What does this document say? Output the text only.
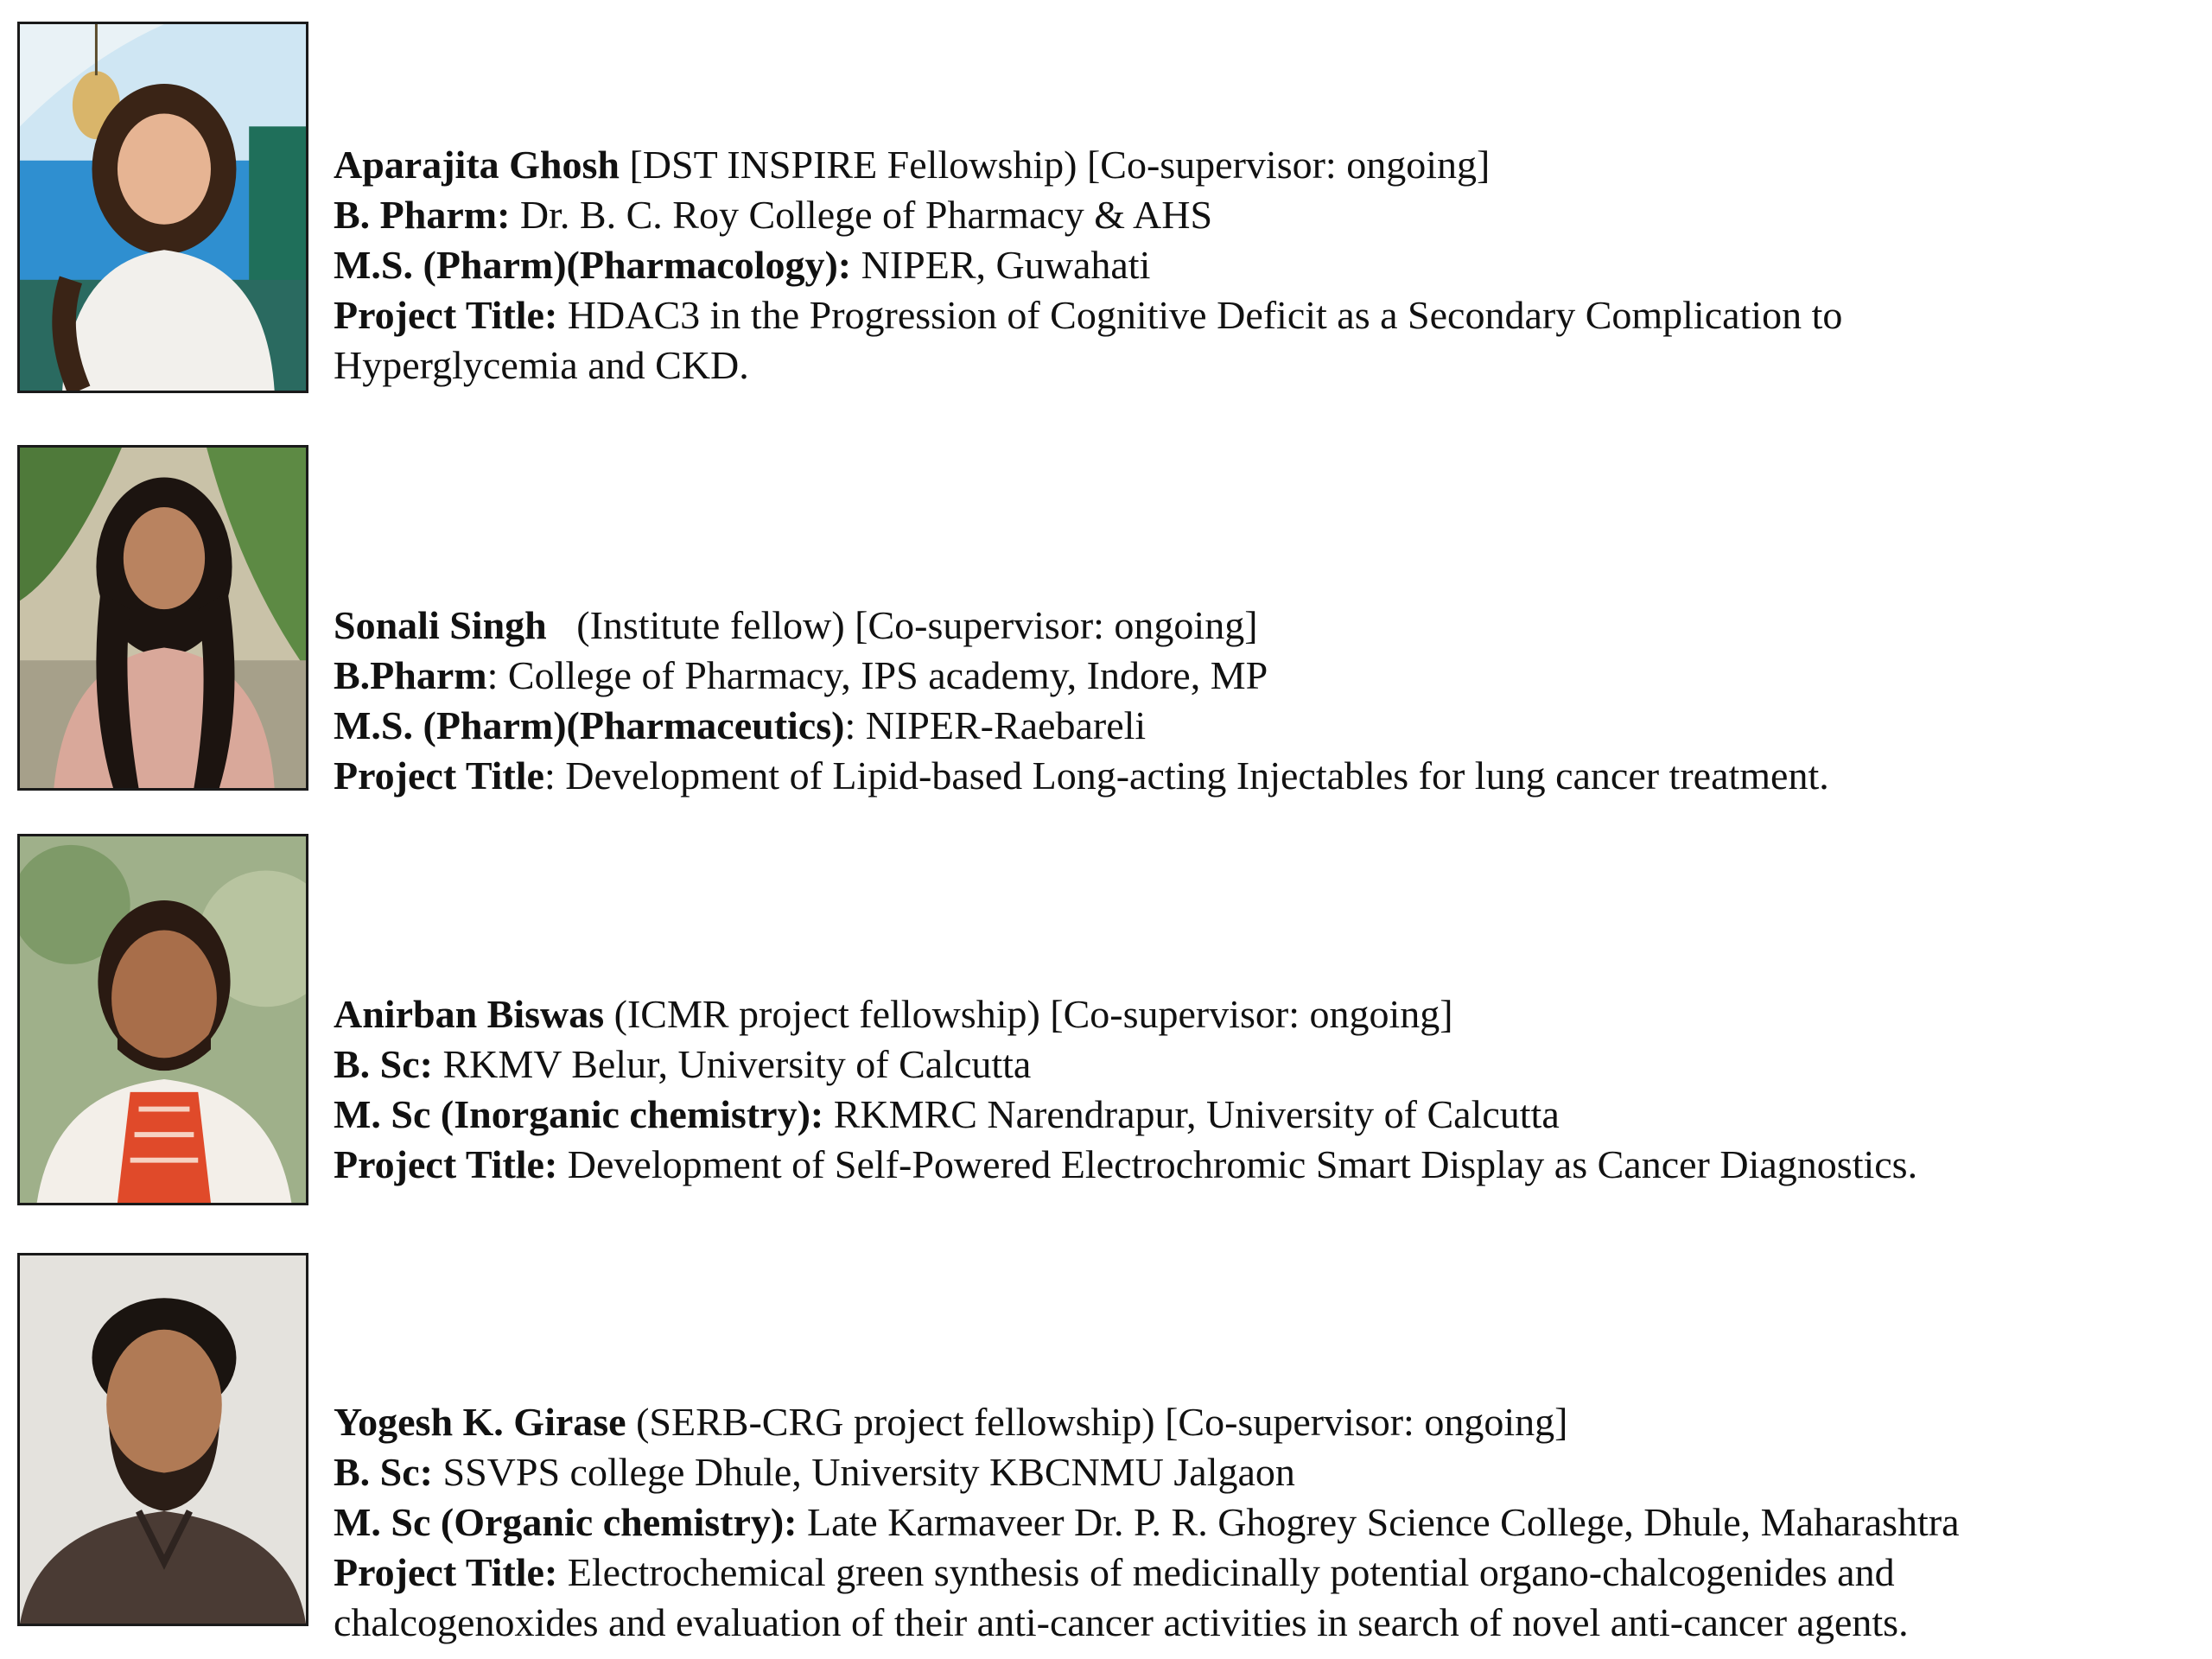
Aparajita Ghosh [DST INSPIRE Fellowship) [Co-supervisor: ongoing]
B. Pharm: Dr. B. C. Roy College of Pharmacy & AHS
M.S. (Pharm)(Pharmacology): NIPER, Guwahati
Project Title: HDAC3 in the Progression of Cognitive Deficit as a Secondary Complication to Hyperglycemia and CKD.
Sonali Singh   (Institute fellow) [Co-supervisor: ongoing]
B.Pharm: College of Pharmacy, IPS academy, Indore, MP
M.S. (Pharm)(Pharmaceutics): NIPER-Raebareli
Project Title: Development of Lipid-based Long-acting Injectables for lung cancer treatment.
Anirban Biswas (ICMR project fellowship) [Co-supervisor: ongoing]
B. Sc: RKMV Belur, University of Calcutta
M. Sc (Inorganic chemistry): RKMRC Narendrapur, University of Calcutta
Project Title: Development of Self-Powered Electrochromic Smart Display as Cancer Diagnostics.
Yogesh K. Girase (SERB-CRG project fellowship) [Co-supervisor: ongoing]
B. Sc: SSVPS college Dhule, University KBCNMU Jalgaon
M. Sc (Organic chemistry): Late Karmaveer Dr. P. R. Ghogrey Science College, Dhule, Maharashtra
Project Title: Electrochemical green synthesis of medicinally potential organo-chalcogenides and chalcogenoxides and evaluation of their anti-cancer activities in search of novel anti-cancer agents.
